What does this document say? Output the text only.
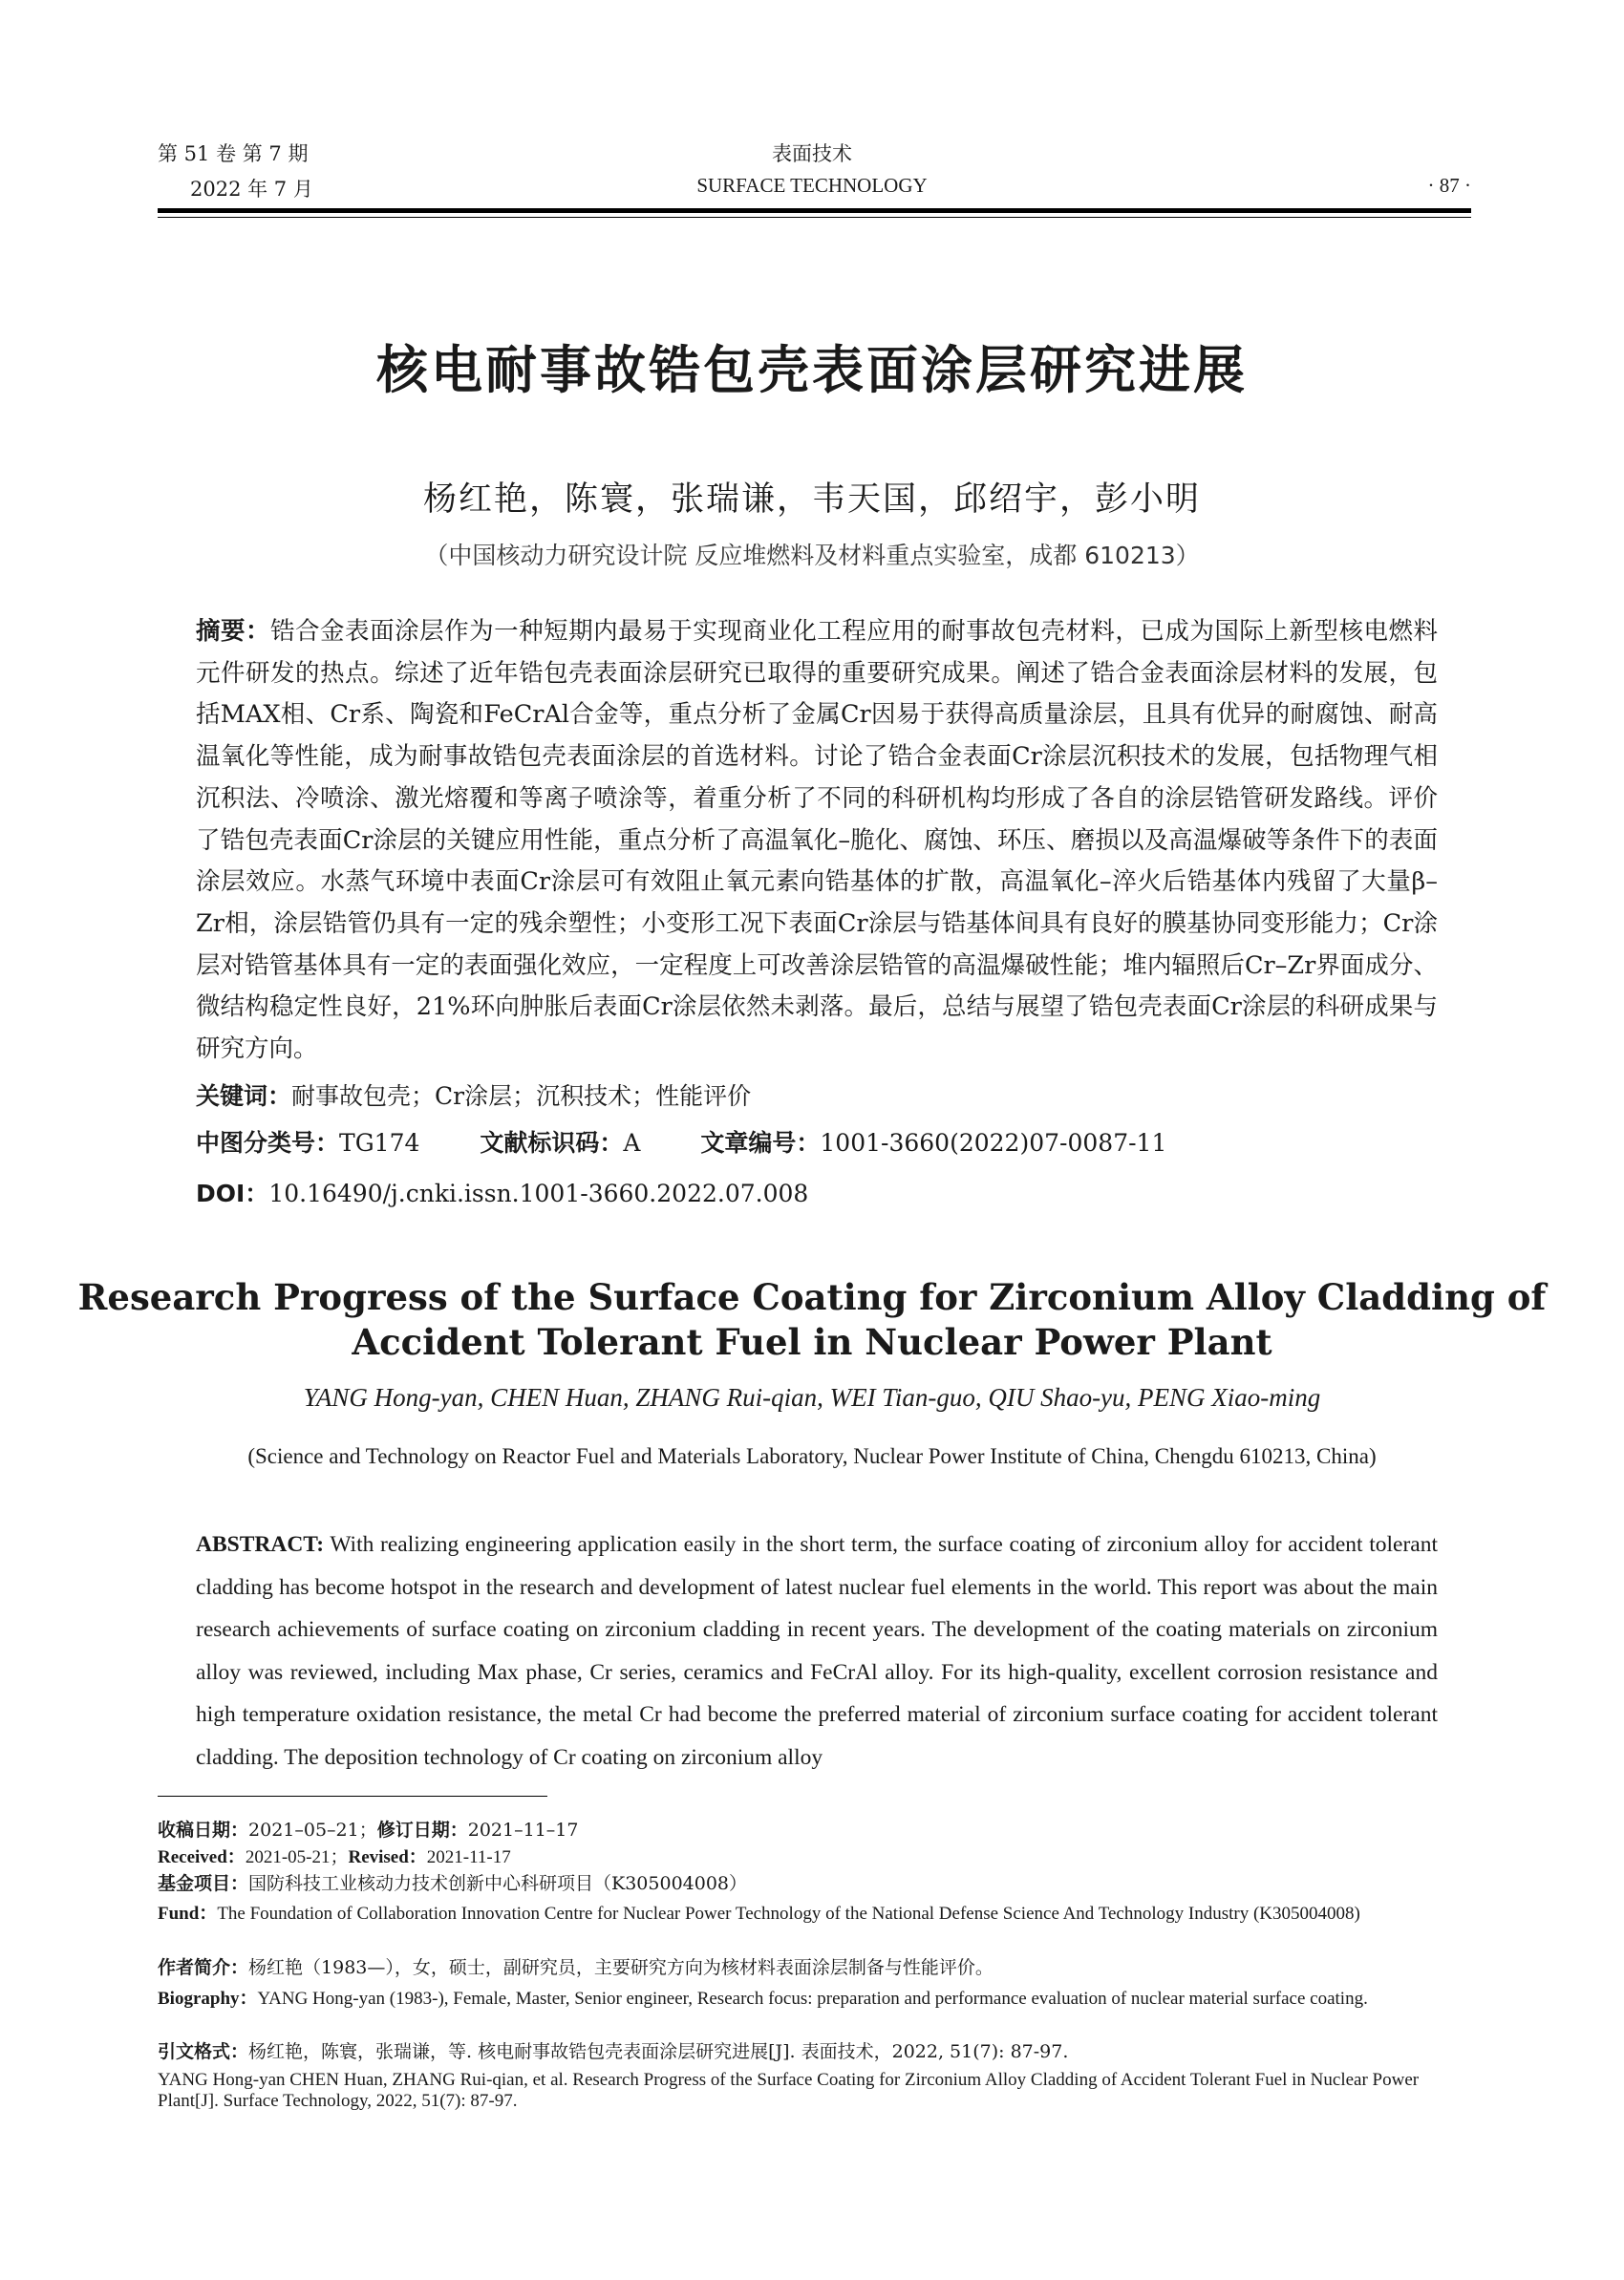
第 51 卷 第 7 期
2022 年 7 月
表面技术
SURFACE TECHNOLOGY	· 87 ·
核电耐事故锆包壳表面涂层研究进展
杨红艳，陈寰，张瑞谦，韦天国，邱绍宇，彭小明
（中国核动力研究设计院 反应堆燃料及材料重点实验室，成都 610213）
摘要：锆合金表面涂层作为一种短期内最易于实现商业化工程应用的耐事故包壳材料，已成为国际上新型核电燃料元件研发的热点。综述了近年锆包壳表面涂层研究已取得的重要研究成果。阐述了锆合金表面涂层材料的发展，包括MAX相、Cr系、陶瓷和FeCrAl合金等，重点分析了金属Cr因易于获得高质量涂层，且具有优异的耐腐蚀、耐高温氧化等性能，成为耐事故锆包壳表面涂层的首选材料。讨论了锆合金表面Cr涂层沉积技术的发展，包括物理气相沉积法、冷喷涂、激光熔覆和等离子喷涂等，着重分析了不同的科研机构均形成了各自的涂层锆管研发路线。评价了锆包壳表面Cr涂层的关键应用性能，重点分析了高温氧化–脆化、腐蚀、环压、磨损以及高温爆破等条件下的表面涂层效应。水蒸气环境中表面Cr涂层可有效阻止氧元素向锆基体的扩散，高温氧化–淬火后锆基体内残留了大量β–Zr相，涂层锆管仍具有一定的残余塑性；小变形工况下表面Cr涂层与锆基体间具有良好的膜基协同变形能力；Cr涂层对锆管基体具有一定的表面强化效应，一定程度上可改善涂层锆管的高温爆破性能；堆内辐照后Cr–Zr界面成分、微结构稳定性良好，21%环向肿胀后表面Cr涂层依然未剥落。最后，总结与展望了锆包壳表面Cr涂层的科研成果与研究方向。
关键词：耐事故包壳；Cr涂层；沉积技术；性能评价
中图分类号：TG174	文献标识码：A	文章编号：1001-3660(2022)07-0087-11
DOI：10.16490/j.cnki.issn.1001-3660.2022.07.008
Research Progress of the Surface Coating for Zirconium Alloy Cladding of
Accident Tolerant Fuel in Nuclear Power Plant
YANG Hong-yan, CHEN Huan, ZHANG Rui-qian, WEI Tian-guo, QIU Shao-yu, PENG Xiao-ming
(Science and Technology on Reactor Fuel and Materials Laboratory, Nuclear Power Institute of China, Chengdu 610213, China)
ABSTRACT: With realizing engineering application easily in the short term, the surface coating of zirconium alloy for accident tolerant cladding has become hotspot in the research and development of latest nuclear fuel elements in the world. This report was about the main research achievements of surface coating on zirconium cladding in recent years. The development of the coating materials on zirconium alloy was reviewed, including Max phase, Cr series, ceramics and FeCrAl alloy. For its high-quality, excellent corrosion resistance and high temperature oxidation resistance, the metal Cr had become the preferred material of zirconium surface coating for accident tolerant cladding. The deposition technology of Cr coating on zirconium alloy
收稿日期：2021–05–21；修订日期：2021–11–17
Received：2021-05-21；Revised：2021-11-17
基金项目：国防科技工业核动力技术创新中心科研项目（K305004008）
Fund：The Foundation of Collaboration Innovation Centre for Nuclear Power Technology of the National Defense Science And Technology Industry (K305004008)
作者简介：杨红艳（1983—），女，硕士，副研究员，主要研究方向为核材料表面涂层制备与性能评价。
Biography：YANG Hong-yan (1983-), Female, Master, Senior engineer, Research focus: preparation and performance evaluation of nuclear material surface coating.
引文格式：杨红艳，陈寰，张瑞谦，等. 核电耐事故锆包壳表面涂层研究进展[J]. 表面技术，2022, 51(7): 87-97.
YANG Hong-yan CHEN Huan, ZHANG Rui-qian, et al. Research Progress of the Surface Coating for Zirconium Alloy Cladding of Accident Tolerant Fuel in Nuclear Power Plant[J]. Surface Technology, 2022, 51(7): 87-97.
